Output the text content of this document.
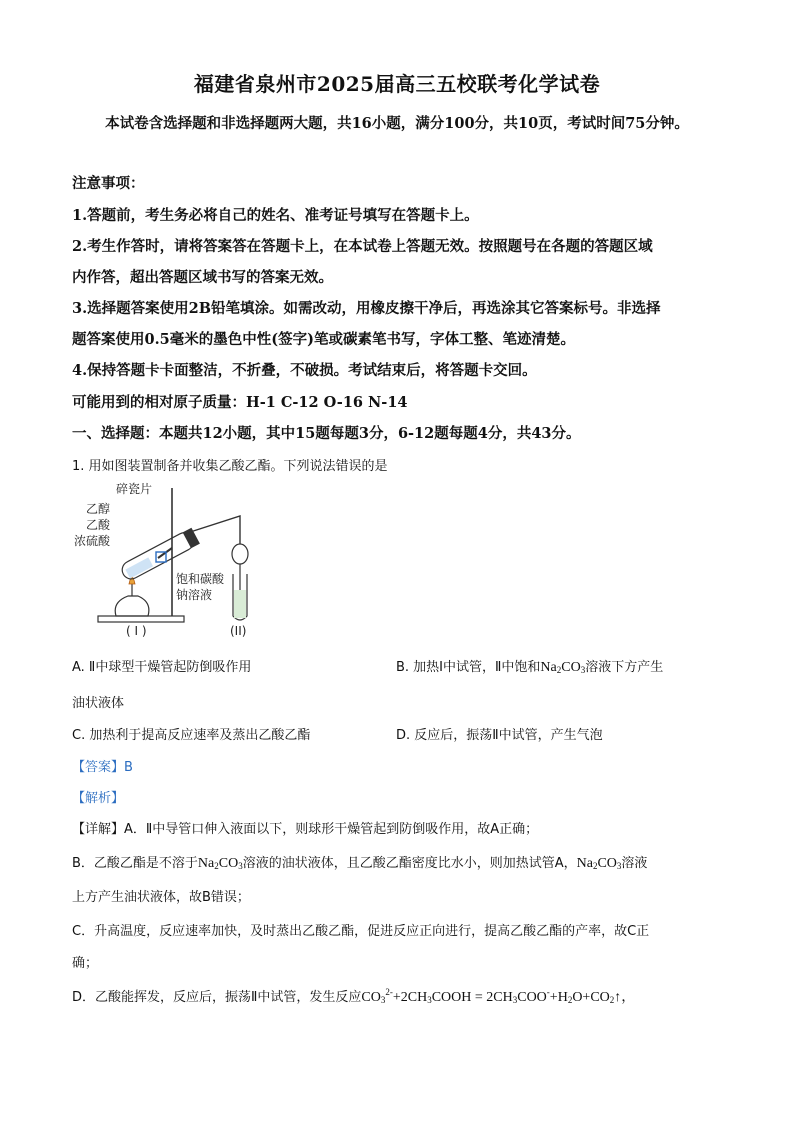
福建省泉州市2025届高三五校联考化学试卷
本试卷含选择题和非选择题两大题，共16小题，满分100分，共10页，考试时间75分钟。
注意事项：
1.答题前，考生务必将自己的姓名、准考证号填写在答题卡上。
2.考生作答时，请将答案答在答题卡上，在本试卷上答题无效。按照题号在各题的答题区域
内作答，超出答题区域书写的答案无效。
3.选择题答案使用2B铅笔填涂。如需改动，用橡皮擦干净后，再选涂其它答案标号。非选择
题答案使用0.5毫米的墨色中性(签字)笔或碳素笔书写，字体工整、笔迹清楚。
4.保持答题卡卡面整洁，不折叠，不破损。考试结束后，将答题卡交回。
可能用到的相对原子质量：H-1 C-12 O-16 N-14
一、选择题：本题共12小题，其中15题每题3分，6-12题每题4分，共43分。
1. 用如图装置制备并收集乙酸乙酯。下列说法错误的是
碎瓷片
乙醇
乙酸
浓硫酸
饱和碳酸
钠溶液
( I )	(II)
A. Ⅱ中球型干燥管起防倒吸作用	B. 加热Ⅰ中试管，Ⅱ中饱和$Na_2CO_3$溶液下方产生
油状液体
C. 加热利于提高反应速率及蒸出乙酸乙酯	D. 反应后，振荡Ⅱ中试管，产生气泡
【答案】B
【解析】
【详解】A．Ⅱ中导管口伸入液面以下，则球形干燥管起到防倒吸作用，故A正确；
B．乙酸乙酯是不溶于$Na_2CO_3$溶液的油状液体，且乙酸乙酯密度比水小，则加热试管A，$Na_2CO_3$溶液
上方产生油状液体，故B错误；
C．升高温度，反应速率加快，及时蒸出乙酸乙酯，促进反应正向进行，提高乙酸乙酯的产率，故C正
确；
D．乙酸能挥发，反应后，振荡Ⅱ中试管，发生反应$CO_3^{2-}+2CH_3COOH$ = $2CH_3COO^-+H_2O+CO_2↑$，
